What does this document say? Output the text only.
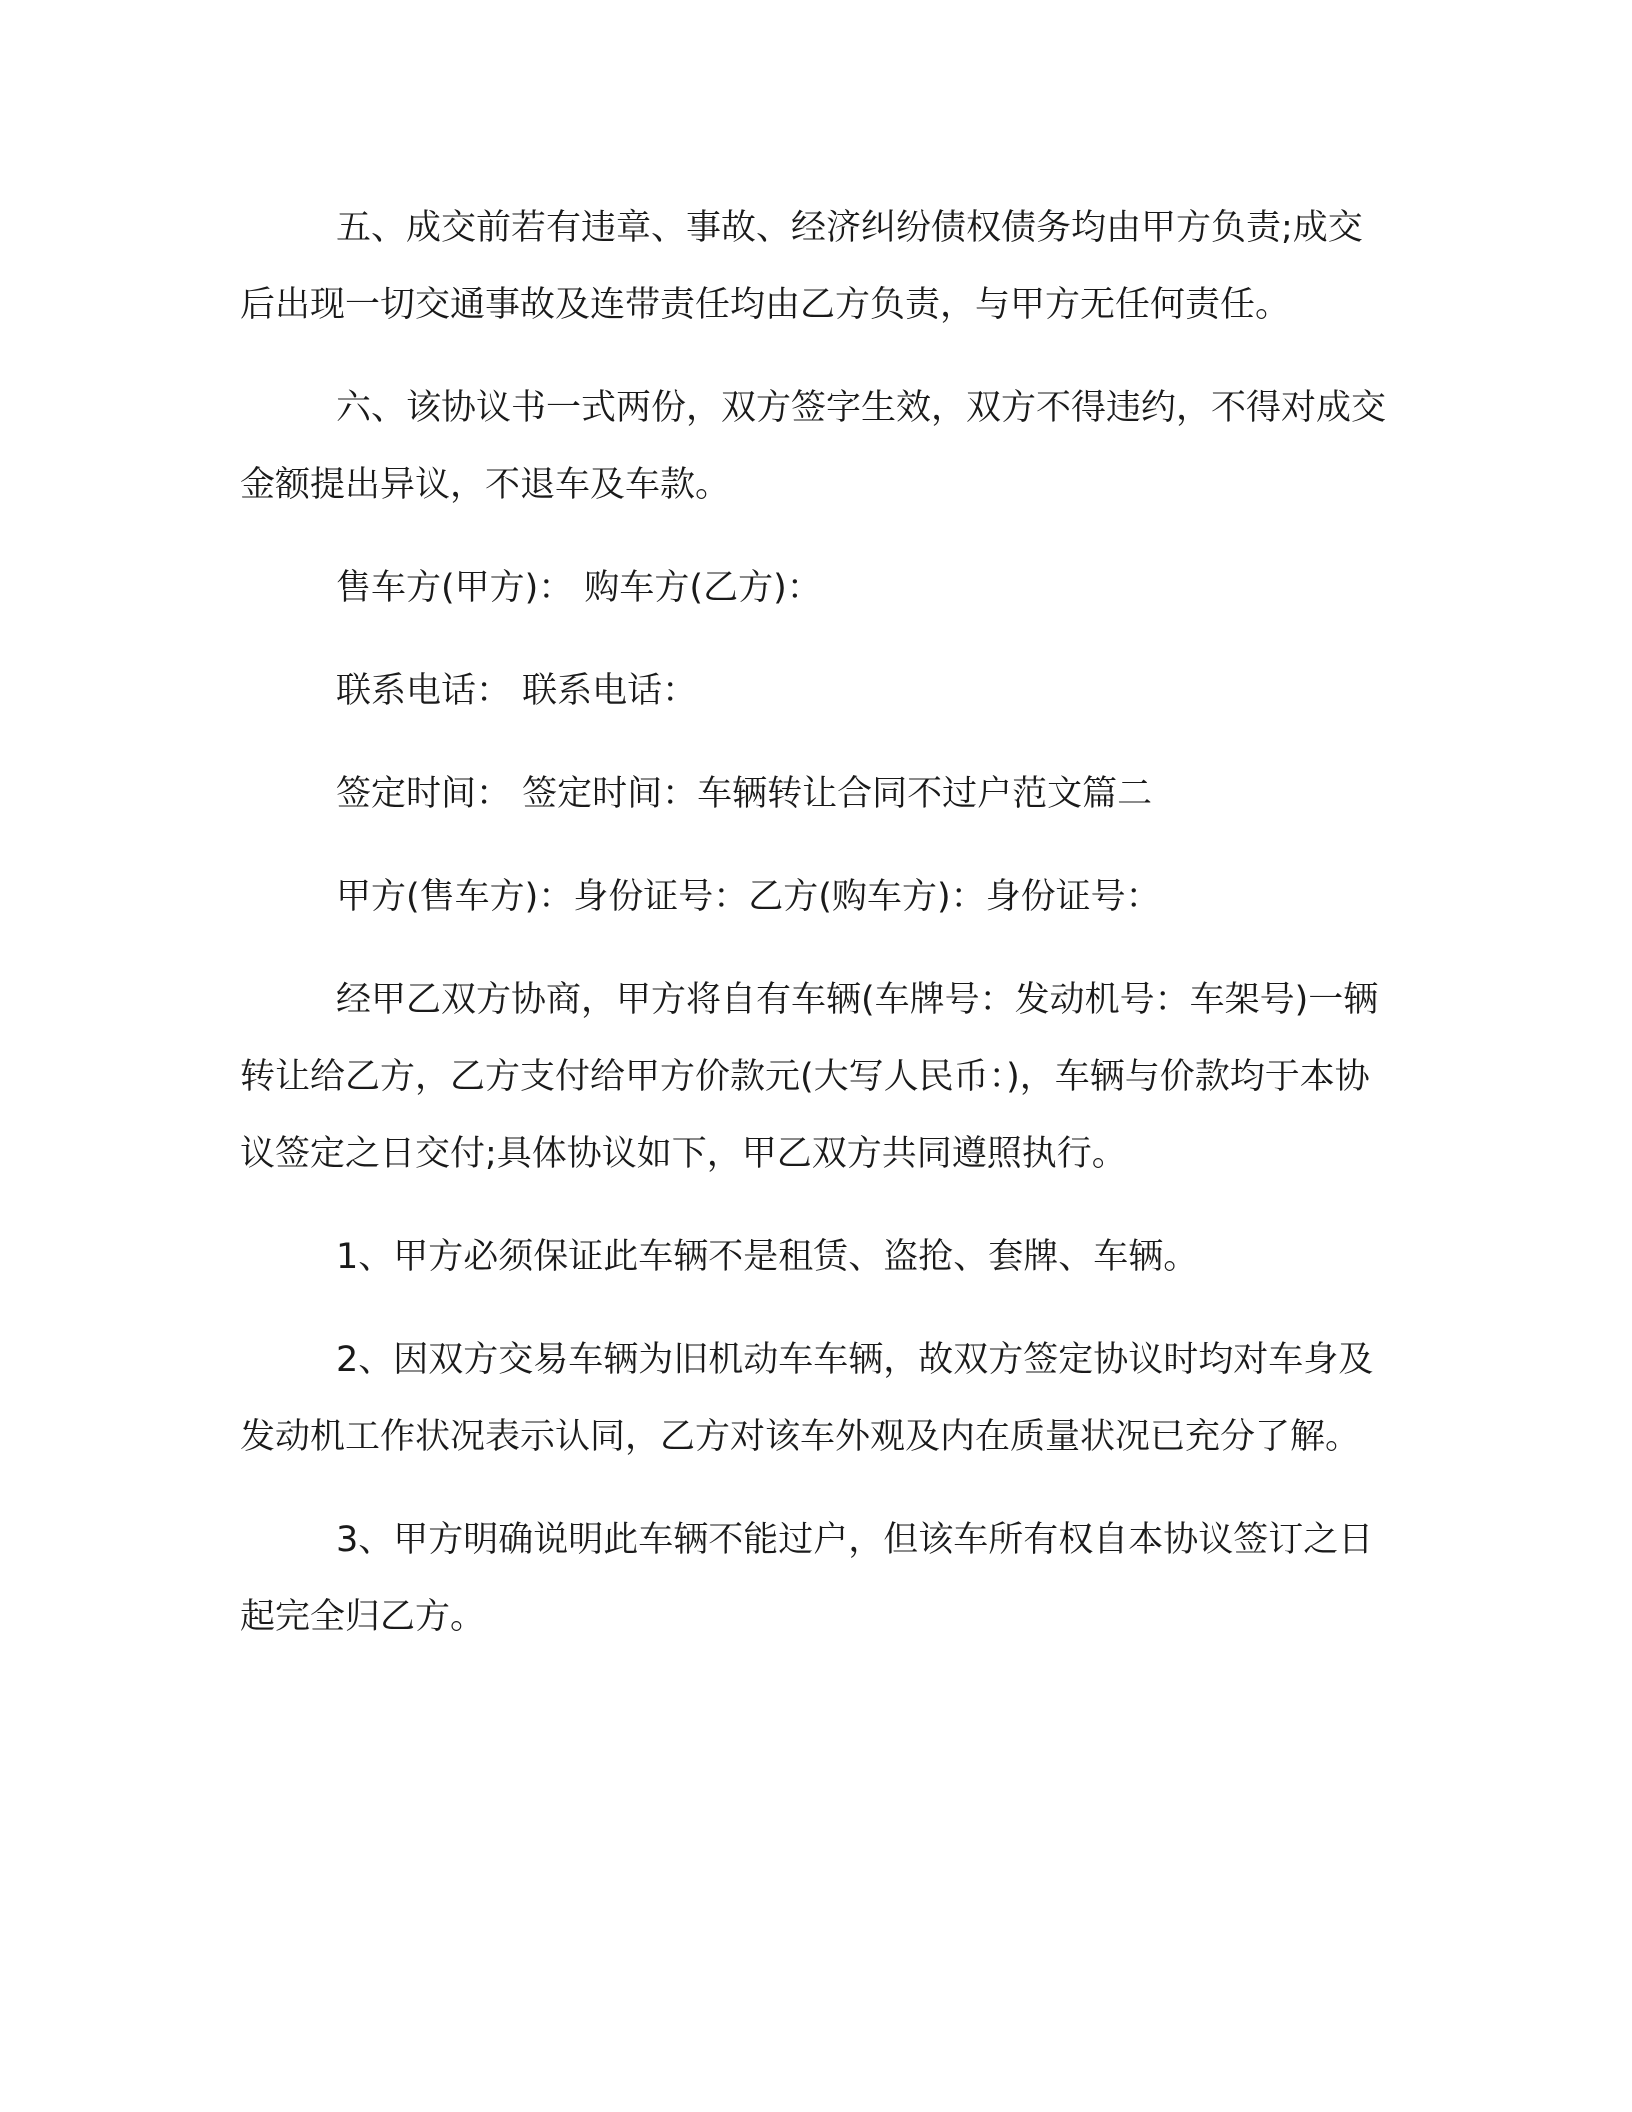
五、成交前若有违章、事故、经济纠纷债权债务均由甲方负责;成交后出现一切交通事故及连带责任均由乙方负责，与甲方无任何责任。

六、该协议书一式两份，双方签字生效，双方不得违约，不得对成交金额提出异议，不退车及车款。

售车方(甲方)： 购车方(乙方)：

联系电话： 联系电话：

签定时间： 签定时间：车辆转让合同不过户范文篇二

甲方(售车方)：身份证号：乙方(购车方)：身份证号：

经甲乙双方协商，甲方将自有车辆(车牌号：发动机号：车架号)一辆转让给乙方，乙方支付给甲方价款元(大写人民币：)，车辆与价款均于本协议签定之日交付;具体协议如下，甲乙双方共同遵照执行。

1、甲方必须保证此车辆不是租赁、盗抢、套牌、车辆。

2、因双方交易车辆为旧机动车车辆，故双方签定协议时均对车身及发动机工作状况表示认同，乙方对该车外观及内在质量状况已充分了解。

3、甲方明确说明此车辆不能过户，但该车所有权自本协议签订之日起完全归乙方。
